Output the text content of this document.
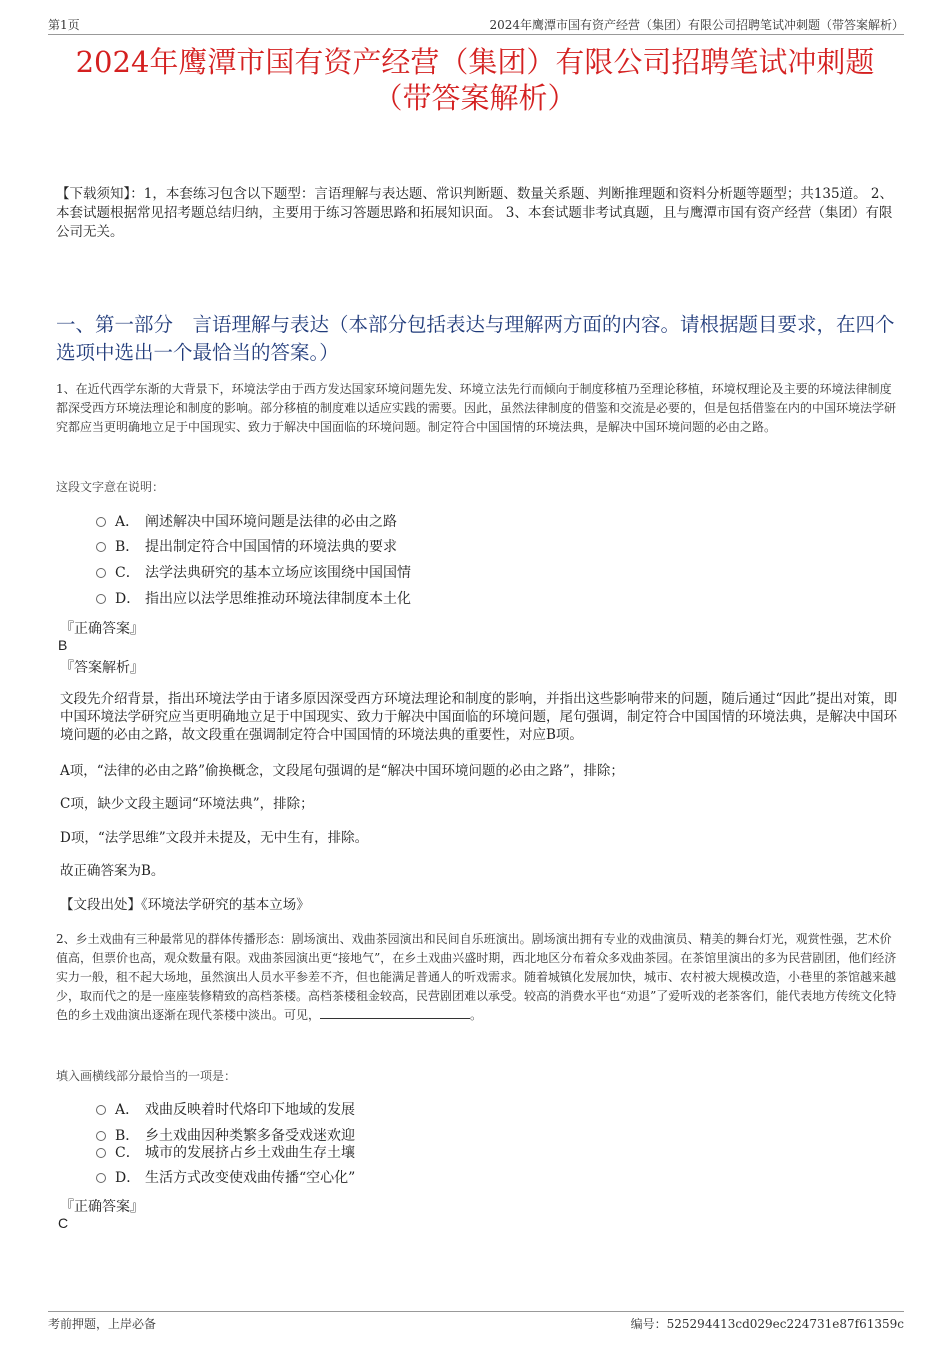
第1页	2024年鹰潭市国有资产经营（集团）有限公司招聘笔试冲刺题（带答案解析）
2024年鹰潭市国有资产经营（集团）有限公司招聘笔试冲刺题
（带答案解析）
【下载须知】：1，本套练习包含以下题型：言语理解与表达题、常识判断题、数量关系题、判断推理题和资料分析题等题型；共135道。 2、本套试题根据常见招考题总结归纳，主要用于练习答题思路和拓展知识面。 3、本套试题非考试真题，且与鹰潭市国有资产经营（集团）有限公司无关。
一、第一部分　言语理解与表达（本部分包括表达与理解两方面的内容。请根据题目要求，在四个选项中选出一个最恰当的答案。）
1、在近代西学东渐的大背景下，环境法学由于西方发达国家环境问题先发、环境立法先行而倾向于制度移植乃至理论移植，环境权理论及主要的环境法律制度都深受西方环境法理论和制度的影响。部分移植的制度难以适应实践的需要。因此，虽然法律制度的借鉴和交流是必要的，但是包括借鉴在内的中国环境法学研究都应当更明确地立足于中国现实、致力于解决中国面临的环境问题。制定符合中国国情的环境法典，是解决中国环境问题的必由之路。
这段文字意在说明：
A． 阐述解决中国环境问题是法律的必由之路
B． 提出制定符合中国国情的环境法典的要求
C． 法学法典研究的基本立场应该围绕中国国情
D． 指出应以法学思维推动环境法律制度本土化
『正确答案』
B
『答案解析』
文段先介绍背景，指出环境法学由于诸多原因深受西方环境法理论和制度的影响，并指出这些影响带来的问题，随后通过“因此”提出对策，即中国环境法学研究应当更明确地立足于中国现实、致力于解决中国面临的环境问题，尾句强调，制定符合中国国情的环境法典，是解决中国环境问题的必由之路，故文段重在强调制定符合中国国情的环境法典的重要性，对应B项。
A项，“法律的必由之路”偷换概念，文段尾句强调的是“解决中国环境问题的必由之路”，排除；
C项，缺少文段主题词“环境法典”，排除；
D项，“法学思维”文段并未提及，无中生有，排除。
故正确答案为B。
【文段出处】《环境法学研究的基本立场》
2、乡土戏曲有三种最常见的群体传播形态：剧场演出、戏曲茶园演出和民间自乐班演出。剧场演出拥有专业的戏曲演员、精美的舞台灯光，观赏性强，艺术价值高，但票价也高，观众数量有限。戏曲茶园演出更“接地气”，在乡土戏曲兴盛时期，西北地区分布着众多戏曲茶园。在茶馆里演出的多为民营剧团，他们经济实力一般，租不起大场地，虽然演出人员水平参差不齐，但也能满足普通人的听戏需求。随着城镇化发展加快，城市、农村被大规模改造，小巷里的茶馆越来越少，取而代之的是一座座装修精致的高档茶楼。高档茶楼租金较高，民营剧团难以承受。较高的消费水平也“劝退”了爱听戏的老茶客们，能代表地方传统文化特色的乡土戏曲演出逐渐在现代茶楼中淡出。可见，	。
填入画横线部分最恰当的一项是：
A． 戏曲反映着时代烙印下地域的发展
B． 乡土戏曲因种类繁多备受戏迷欢迎
C． 城市的发展挤占乡土戏曲生存土壤
D． 生活方式改变使戏曲传播“空心化”
『正确答案』
C
考前押题，上岸必备	编号：525294413cd029ec224731e87f61359c
